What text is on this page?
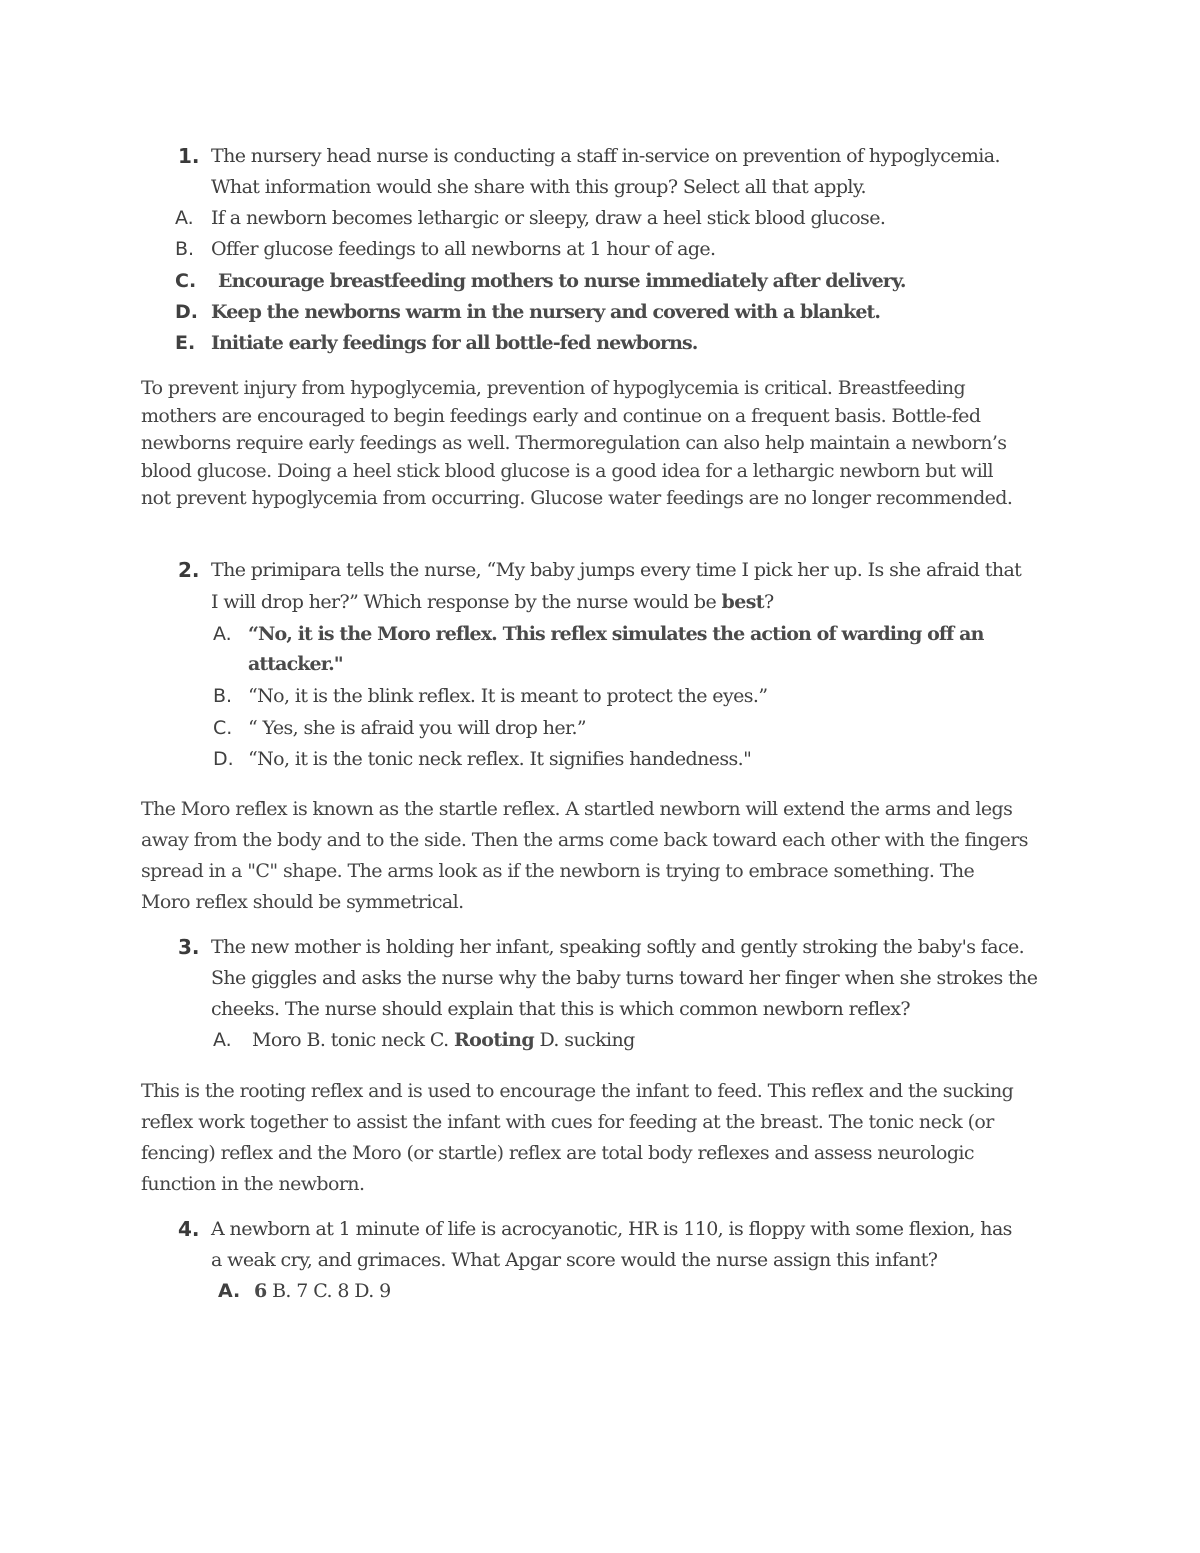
1. The nursery head nurse is conducting a staff in-service on prevention of hypoglycemia.
What information would she share with this group? Select all that apply.
A. If a newborn becomes lethargic or sleepy, draw a heel stick blood glucose.
B. Offer glucose feedings to all newborns at 1 hour of age.
C. Encourage breastfeeding mothers to nurse immediately after delivery.
D. Keep the newborns warm in the nursery and covered with a blanket.
E. Initiate early feedings for all bottle-fed newborns.
To prevent injury from hypoglycemia, prevention of hypoglycemia is critical. Breastfeeding
mothers are encouraged to begin feedings early and continue on a frequent basis. Bottle-fed
newborns require early feedings as well. Thermoregulation can also help maintain a newborn’s
blood glucose. Doing a heel stick blood glucose is a good idea for a lethargic newborn but will
not prevent hypoglycemia from occurring. Glucose water feedings are no longer recommended.
2. The primipara tells the nurse, “My baby jumps every time I pick her up. Is she afraid that
I will drop her?” Which response by the nurse would be best?
A. “No, it is the Moro reflex. This reflex simulates the action of warding off an
attacker."
B. “No, it is the blink reflex. It is meant to protect the eyes.”
C. “ Yes, she is afraid you will drop her.”
D. “No, it is the tonic neck reflex. It signifies handedness."
The Moro reflex is known as the startle reflex. A startled newborn will extend the arms and legs
away from the body and to the side. Then the arms come back toward each other with the fingers
spread in a "C" shape. The arms look as if the newborn is trying to embrace something. The
Moro reflex should be symmetrical.
3. The new mother is holding her infant, speaking softly and gently stroking the baby's face.
She giggles and asks the nurse why the baby turns toward her finger when she strokes the
cheeks. The nurse should explain that this is which common newborn reflex?
A. Moro B. tonic neck C. Rooting D. sucking
This is the rooting reflex and is used to encourage the infant to feed. This reflex and the sucking
reflex work together to assist the infant with cues for feeding at the breast. The tonic neck (or
fencing) reflex and the Moro (or startle) reflex are total body reflexes and assess neurologic
function in the newborn.
4. A newborn at 1 minute of life is acrocyanotic, HR is 110, is floppy with some flexion, has
a weak cry, and grimaces. What Apgar score would the nurse assign this infant?
A. 6 B. 7 C. 8 D. 9
